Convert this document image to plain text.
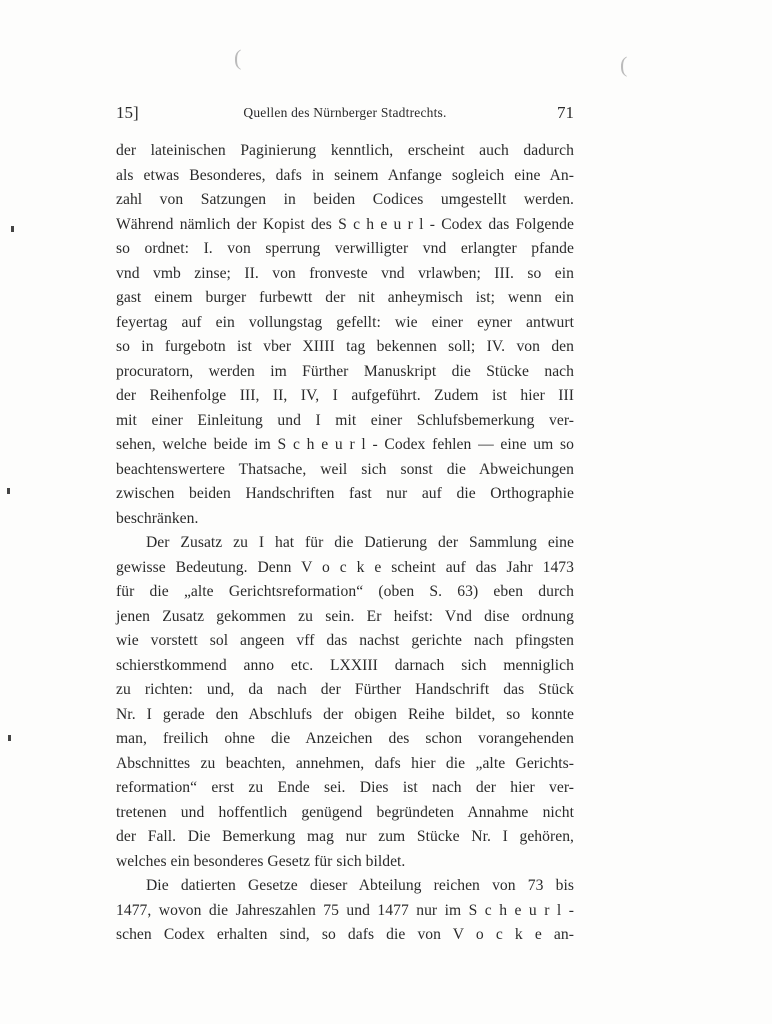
(	(
15]	Quellen des Nürnberger Stadtrechts.	71
der lateinischen Paginierung kenntlich, erscheint auch dadurch
als etwas Besonderes, dafs in seinem Anfange sogleich eine An-
zahl von Satzungen in beiden Codices umgestellt werden.
Während nämlich der Kopist des S c h e u r l - Codex das Folgende
so ordnet: I. von sperrung verwilligter vnd erlangter pfande
vnd vmb zinse; II. von fronveste vnd vrlawben; III. so ein
gast einem burger furbewtt der nit anheymisch ist; wenn ein
feyertag auf ein vollungstag gefellt: wie einer eyner antwurt
so in furgebotn ist vber XIIII tag bekennen soll; IV. von den
procuratorn, werden im Fürther Manuskript die Stücke nach
der Reihenfolge III, II, IV, I aufgeführt. Zudem ist hier III
mit einer Einleitung und I mit einer Schlufsbemerkung ver-
sehen, welche beide im S c h e u r l - Codex fehlen — eine um so
beachtenswertere Thatsache, weil sich sonst die Abweichungen
zwischen beiden Handschriften fast nur auf die Orthographie
beschränken.
Der Zusatz zu I hat für die Datierung der Sammlung eine
gewisse Bedeutung. Denn V o c k e scheint auf das Jahr 1473
für die „alte Gerichtsreformation“ (oben S. 63) eben durch
jenen Zusatz gekommen zu sein. Er heifst: Vnd dise ordnung
wie vorstett sol angeen vff das nachst gerichte nach pfingsten
schierstkommend anno etc. LXXIII darnach sich menniglich
zu richten: und, da nach der Fürther Handschrift das Stück
Nr. I gerade den Abschlufs der obigen Reihe bildet, so konnte
man, freilich ohne die Anzeichen des schon vorangehenden
Abschnittes zu beachten, annehmen, dafs hier die „alte Gerichts-
reformation“ erst zu Ende sei. Dies ist nach der hier ver-
tretenen und hoffentlich genügend begründeten Annahme nicht
der Fall. Die Bemerkung mag nur zum Stücke Nr. I gehören,
welches ein besonderes Gesetz für sich bildet.
Die datierten Gesetze dieser Abteilung reichen von 73 bis
1477, wovon die Jahreszahlen 75 und 1477 nur im S c h e u r l -
schen Codex erhalten sind, so dafs die von V o c k e an-
